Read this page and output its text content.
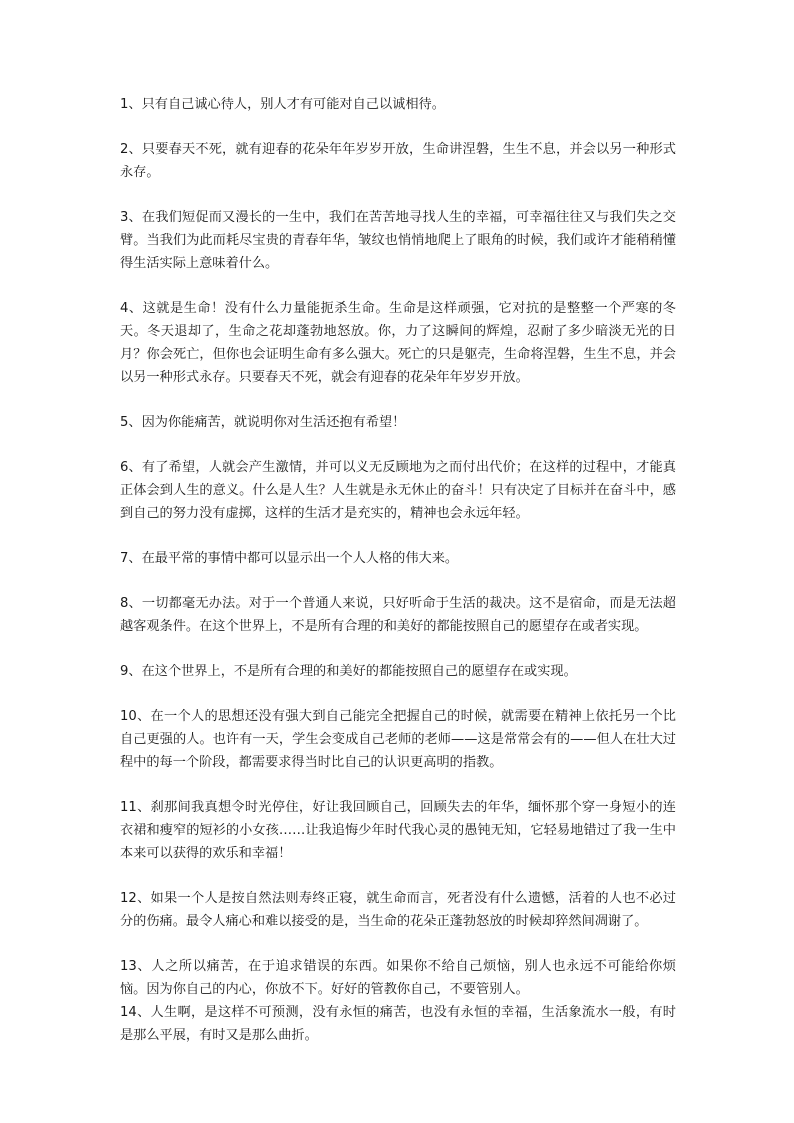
1、只有自己诚心待人，别人才有可能对自己以诚相待。

2、只要春天不死，就有迎春的花朵年年岁岁开放，生命讲涅磐，生生不息，并会以另一种形式永存。

3、在我们短促而又漫长的一生中，我们在苦苦地寻找人生的幸福，可幸福往往又与我们失之交臂。当我们为此而耗尽宝贵的青春年华，皱纹也悄悄地爬上了眼角的时候，我们或许才能稍稍懂得生活实际上意味着什么。

4、这就是生命！没有什么力量能扼杀生命。生命是这样顽强，它对抗的是整整一个严寒的冬天。冬天退却了，生命之花却蓬勃地怒放。你，力了这瞬间的辉煌，忍耐了多少暗淡无光的日月？你会死亡，但你也会证明生命有多么强大。死亡的只是躯壳，生命将涅磐，生生不息，并会以另一种形式永存。只要春天不死，就会有迎春的花朵年年岁岁开放。

5、因为你能痛苦，就说明你对生活还抱有希望！

6、有了希望，人就会产生激情，并可以义无反顾地为之而付出代价；在这样的过程中，才能真正体会到人生的意义。什么是人生？人生就是永无休止的奋斗！只有决定了目标并在奋斗中，感到自己的努力没有虚掷，这样的生活才是充实的，精神也会永远年轻。

7、在最平常的事情中都可以显示出一个人人格的伟大来。

8、一切都毫无办法。对于一个普通人来说，只好听命于生活的裁决。这不是宿命，而是无法超越客观条件。在这个世界上，不是所有合理的和美好的都能按照自己的愿望存在或者实现。

9、在这个世界上，不是所有合理的和美好的都能按照自己的愿望存在或实现。

10、在一个人的思想还没有强大到自己能完全把握自己的时候，就需要在精神上依托另一个比自己更强的人。也许有一天，学生会变成自己老师的老师——这是常常会有的——但人在壮大过程中的每一个阶段，都需要求得当时比自己的认识更高明的指教。

11、刹那间我真想令时光停住，好让我回顾自己，回顾失去的年华，缅怀那个穿一身短小的连衣裙和瘦窄的短衫的小女孩……让我追悔少年时代我心灵的愚钝无知，它轻易地错过了我一生中本来可以获得的欢乐和幸福！

12、如果一个人是按自然法则寿终正寝，就生命而言，死者没有什么遗憾，活着的人也不必过分的伤痛。最令人痛心和难以接受的是，当生命的花朵正蓬勃怒放的时候却猝然间凋谢了。

13、人之所以痛苦，在于追求错误的东西。如果你不给自己烦恼，别人也永远不可能给你烦恼。因为你自己的内心，你放不下。好好的管教你自己，不要管别人。

14、人生啊，是这样不可预测，没有永恒的痛苦，也没有永恒的幸福，生活象流水一般，有时是那么平展，有时又是那么曲折。
